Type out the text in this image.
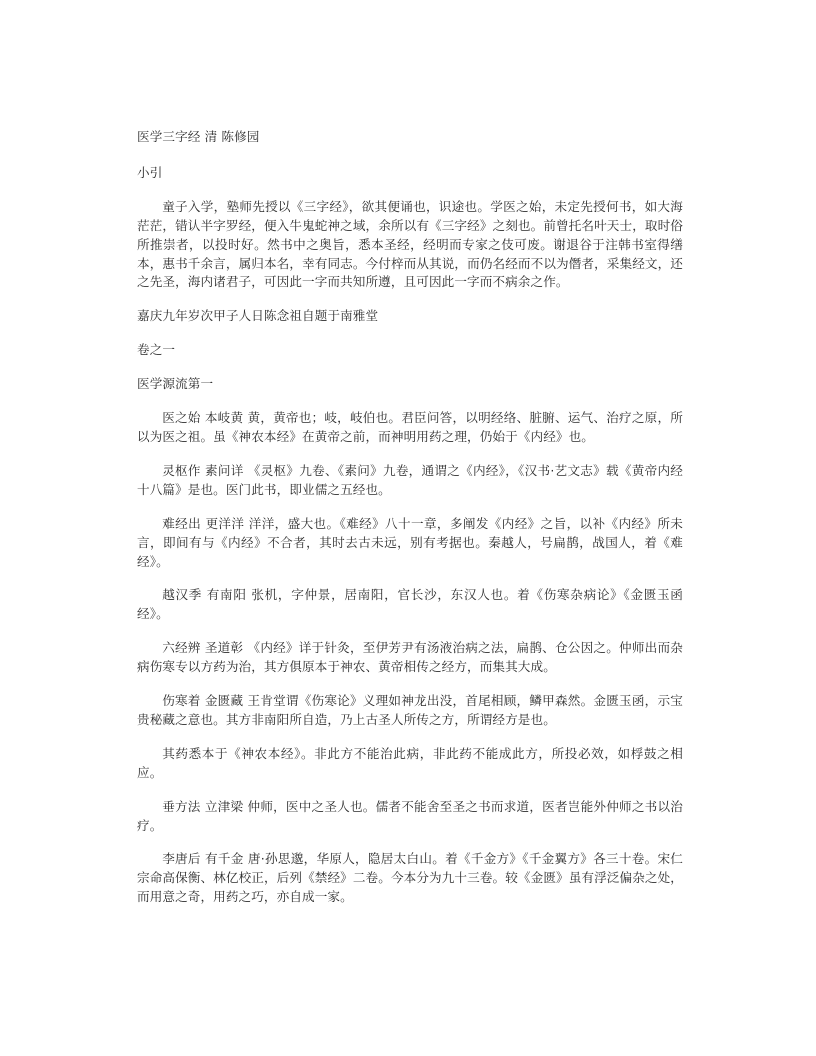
医学三字经 清 陈修园

小引

童子入学，塾师先授以《三字经》，欲其便诵也，识途也。学医之始，未定先授何书，如大海茫茫，错认半字罗经，便入牛鬼蛇神之域，余所以有《三字经》之刻也。前曾托名叶天士，取时俗所推崇者，以投时好。然书中之奥旨，悉本圣经，经明而专家之伎可废。谢退谷于注韩书室得缮本，惠书千余言，属归本名，幸有同志。今付梓而从其说，而仍名经而不以为僭者，采集经文，还之先圣，海内诸君子，可因此一字而共知所遵，且可因此一字而不病余之作。

嘉庆九年岁次甲子人日陈念祖自题于南雅堂

卷之一

医学源流第一

医之始 本岐黄 黄，黄帝也；岐，岐伯也。君臣问答，以明经络、脏腑、运气、治疗之原，所以为医之祖。虽《神农本经》在黄帝之前，而神明用药之理，仍始于《内经》也。

灵枢作 素问详 《灵枢》九卷、《素问》九卷，通谓之《内经》，《汉书·艺文志》载《黄帝内经十八篇》是也。医门此书，即业儒之五经也。

难经出 更洋洋 洋洋，盛大也。《难经》八十一章，多阐发《内经》之旨，以补《内经》所未言，即间有与《内经》不合者，其时去古未远，别有考据也。秦越人，号扁鹊，战国人，着《难经》。

越汉季 有南阳 张机，字仲景，居南阳，官长沙，东汉人也。着《伤寒杂病论》《金匮玉函经》。

六经辨 圣道彰 《内经》详于针灸，至伊芳尹有汤液治病之法，扁鹊、仓公因之。仲师出而杂病伤寒专以方药为治，其方俱原本于神农、黄帝相传之经方，而集其大成。

伤寒着 金匮藏 王肯堂谓《伤寒论》义理如神龙出没，首尾相顾，鳞甲森然。金匮玉函，示宝贵秘藏之意也。其方非南阳所自造，乃上古圣人所传之方，所谓经方是也。

其药悉本于《神农本经》。非此方不能治此病，非此药不能成此方，所投必效，如桴鼓之相应。

垂方法 立津梁 仲师，医中之圣人也。儒者不能舍至圣之书而求道，医者岂能外仲师之书以治疗。

李唐后 有千金 唐·孙思邈，华原人，隐居太白山。着《千金方》《千金翼方》各三十卷。宋仁宗命高保衡、林亿校正，后列《禁经》二卷。今本分为九十三卷。较《金匮》虽有浮泛偏杂之处，而用意之奇，用药之巧，亦自成一家。
